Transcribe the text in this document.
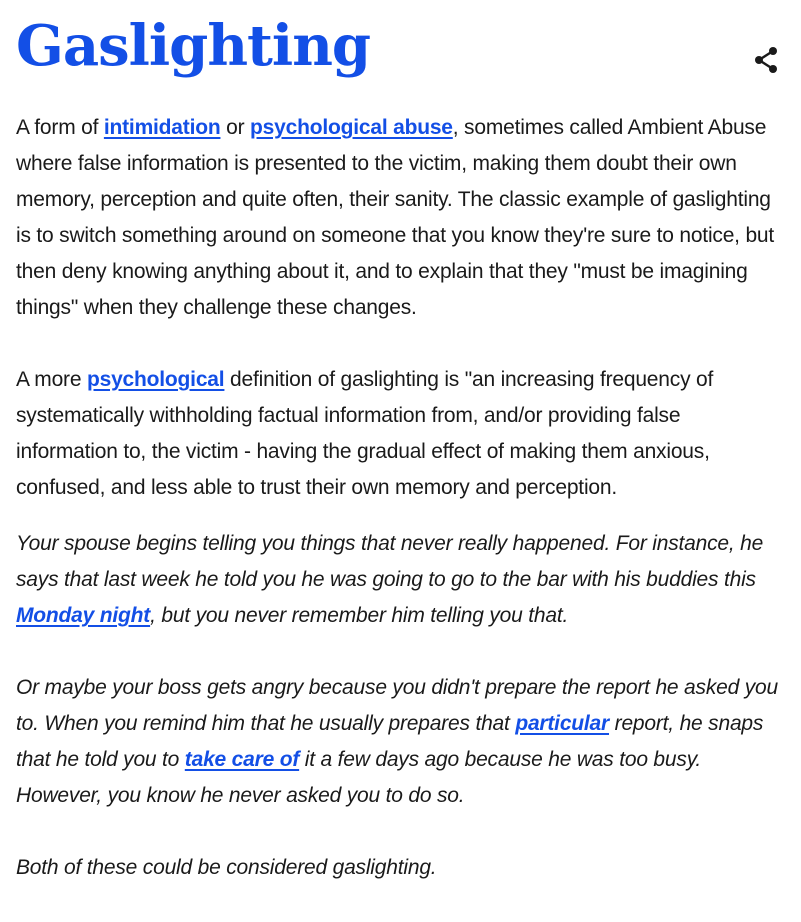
Gaslighting

A form of intimidation or psychological abuse, sometimes called Ambient Abuse where false information is presented to the victim, making them doubt their own memory, perception and quite often, their sanity. The classic example of gaslighting is to switch something around on someone that you know they're sure to notice, but then deny knowing anything about it, and to explain that they "must be imagining things" when they challenge these changes.

A more psychological definition of gaslighting is "an increasing frequency of systematically withholding factual information from, and/or providing false information to, the victim - having the gradual effect of making them anxious, confused, and less able to trust their own memory and perception.

Your spouse begins telling you things that never really happened. For instance, he says that last week he told you he was going to go to the bar with his buddies this Monday night, but you never remember him telling you that.

Or maybe your boss gets angry because you didn't prepare the report he asked you to. When you remind him that he usually prepares that particular report, he snaps that he told you to take care of it a few days ago because he was too busy. However, you know he never asked you to do so.

Both of these could be considered gaslighting.
